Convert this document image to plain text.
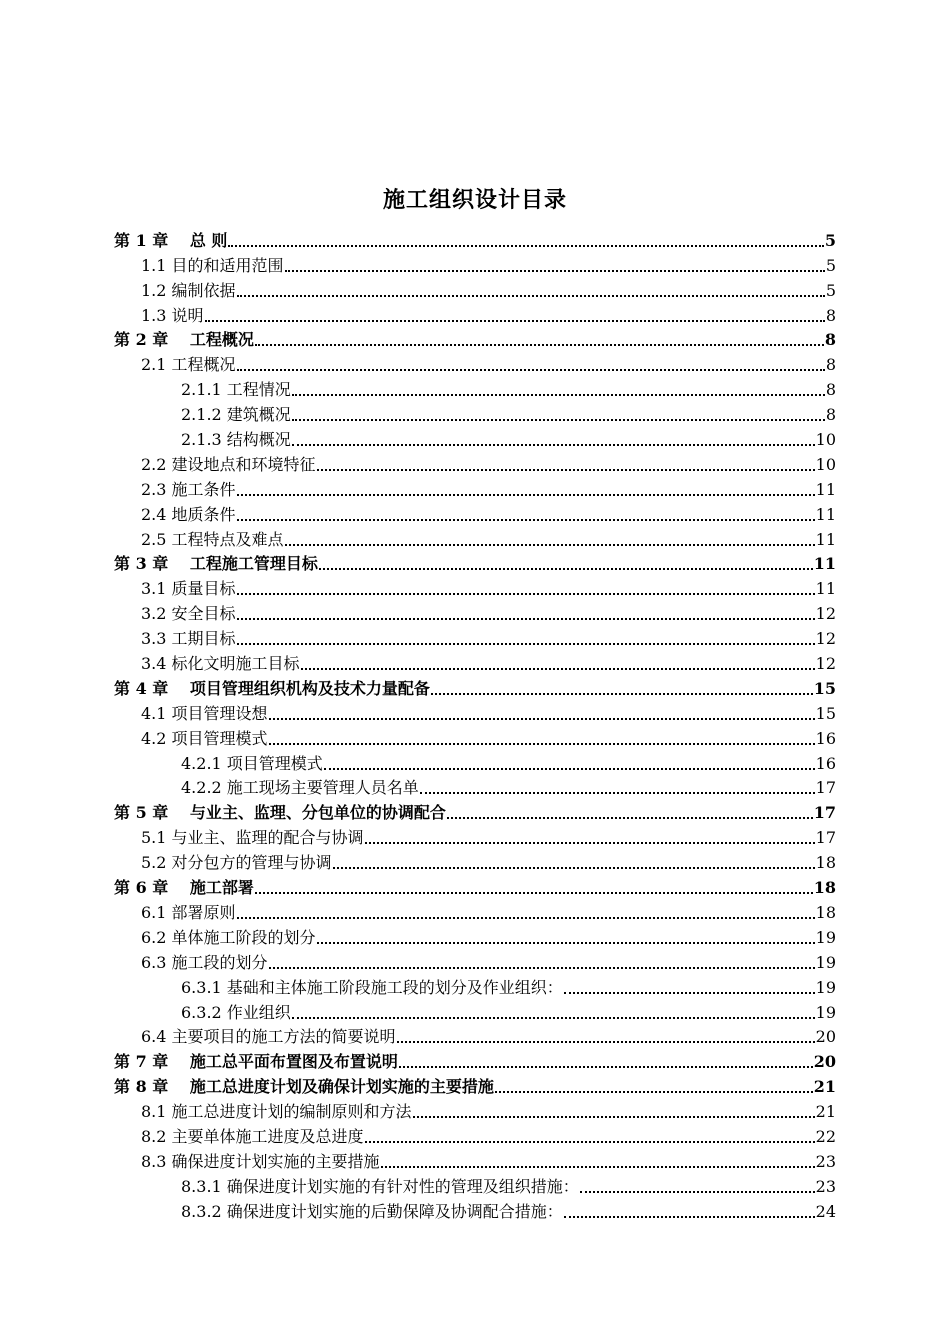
施工组织设计目录
第 1 章　 总 则	5
1.1 目的和适用范围	5
1.2 编制依据	5
1.3 说明	8
第 2 章　 工程概况	8
2.1 工程概况	8
2.1.1 工程情况	8
2.1.2 建筑概况	8
2.1.3 结构概况	10
2.2 建设地点和环境特征	10
2.3 施工条件	11
2.4 地质条件	11
2.5 工程特点及难点	11
第 3 章　 工程施工管理目标	11
3.1 质量目标	11
3.2 安全目标	12
3.3 工期目标	12
3.4 标化文明施工目标	12
第 4 章　 项目管理组织机构及技术力量配备	15
4.1 项目管理设想	15
4.2 项目管理模式	16
4.2.1 项目管理模式	16
4.2.2 施工现场主要管理人员名单	17
第 5 章　 与业主、监理、分包单位的协调配合	17
5.1 与业主、监理的配合与协调	17
5.2 对分包方的管理与协调	18
第 6 章　 施工部署	18
6.1 部署原则	18
6.2 单体施工阶段的划分	19
6.3 施工段的划分	19
6.3.1 基础和主体施工阶段施工段的划分及作业组织：	19
6.3.2 作业组织	19
6.4 主要项目的施工方法的简要说明	20
第 7 章　 施工总平面布置图及布置说明	20
第 8 章　 施工总进度计划及确保计划实施的主要措施	21
8.1 施工总进度计划的编制原则和方法	21
8.2 主要单体施工进度及总进度	22
8.3 确保进度计划实施的主要措施	23
8.3.1 确保进度计划实施的有针对性的管理及组织措施：	23
8.3.2 确保进度计划实施的后勤保障及协调配合措施：	24
